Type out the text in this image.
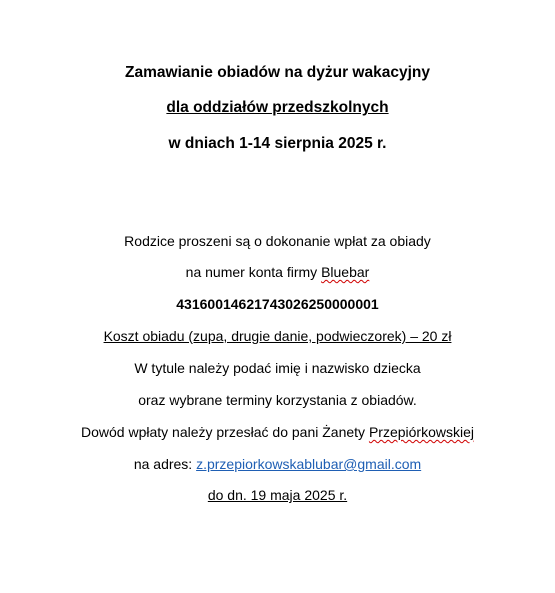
Zamawianie obiadów na dyżur wakacyjny
dla oddziałów przedszkolnych
w dniach 1-14 sierpnia 2025 r.
Rodzice proszeni są o dokonanie wpłat za obiady
na numer konta firmy Bluebar
43160014621743026250000001
Koszt obiadu (zupa, drugie danie, podwieczorek) – 20 zł
W tytule należy podać imię i nazwisko dziecka
oraz wybrane terminy korzystania z obiadów.
Dowód wpłaty należy przesłać do pani Żanety Przepiórkowskiej
na adres: z.przepiorkowskablubar@gmail.com
do dn. 19 maja 2025 r.
